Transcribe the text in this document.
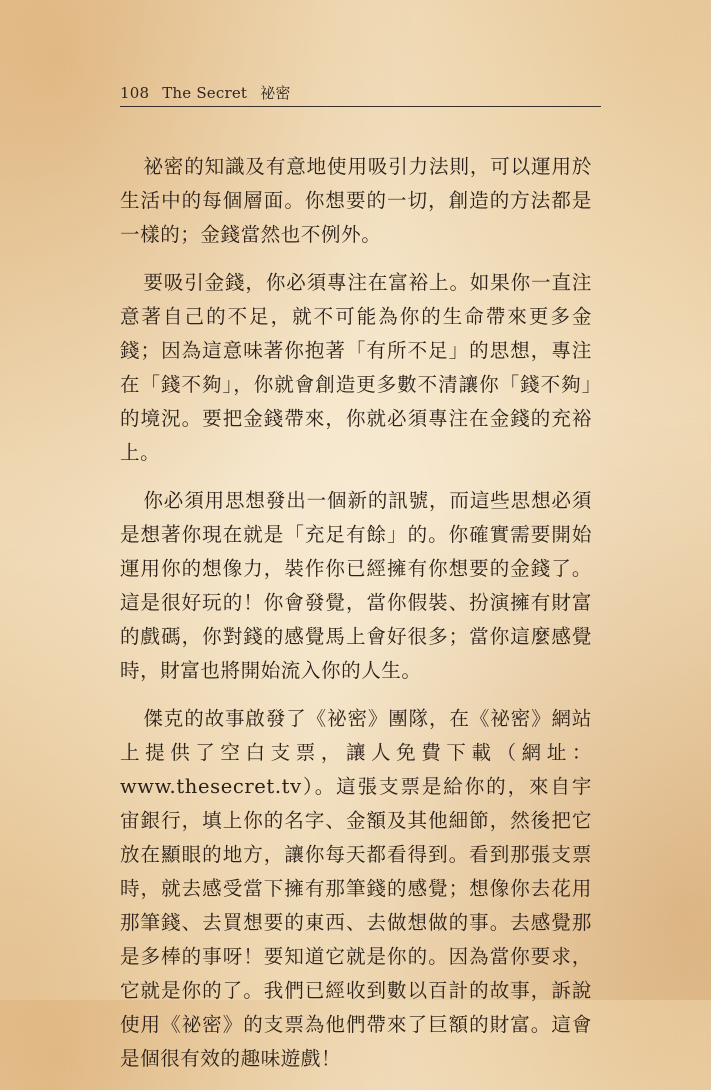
108 The Secret 祕密

祕密的知識及有意地使用吸引力法則，可以運用於生活中的每個層面。你想要的一切，創造的方法都是一樣的；金錢當然也不例外。

要吸引金錢，你必須專注在富裕上。如果你一直注意著自己的不足，就不可能為你的生命帶來更多金錢；因為這意味著你抱著「有所不足」的思想，專注在「錢不夠」，你就會創造更多數不清讓你「錢不夠」的境況。要把金錢帶來，你就必須專注在金錢的充裕上。

你必須用思想發出一個新的訊號，而這些思想必須是想著你現在就是「充足有餘」的。你確實需要開始運用你的想像力，裝作你已經擁有你想要的金錢了。這是很好玩的！你會發覺，當你假裝、扮演擁有財富的戲碼，你對錢的感覺馬上會好很多；當你這麼感覺時，財富也將開始流入你的人生。

傑克的故事啟發了《祕密》團隊，在《祕密》網站上提供了空白支票，讓人免費下載（網址：www.thesecret.tv）。這張支票是給你的，來自宇宙銀行，填上你的名字、金額及其他細節，然後把它放在顯眼的地方，讓你每天都看得到。看到那張支票時，就去感受當下擁有那筆錢的感覺；想像你去花用那筆錢、去買想要的東西、去做想做的事。去感覺那是多棒的事呀！要知道它就是你的。因為當你要求，它就是你的了。我們已經收到數以百計的故事，訴說使用《祕密》的支票為他們帶來了巨額的財富。這會是個很有效的趣味遊戲！
